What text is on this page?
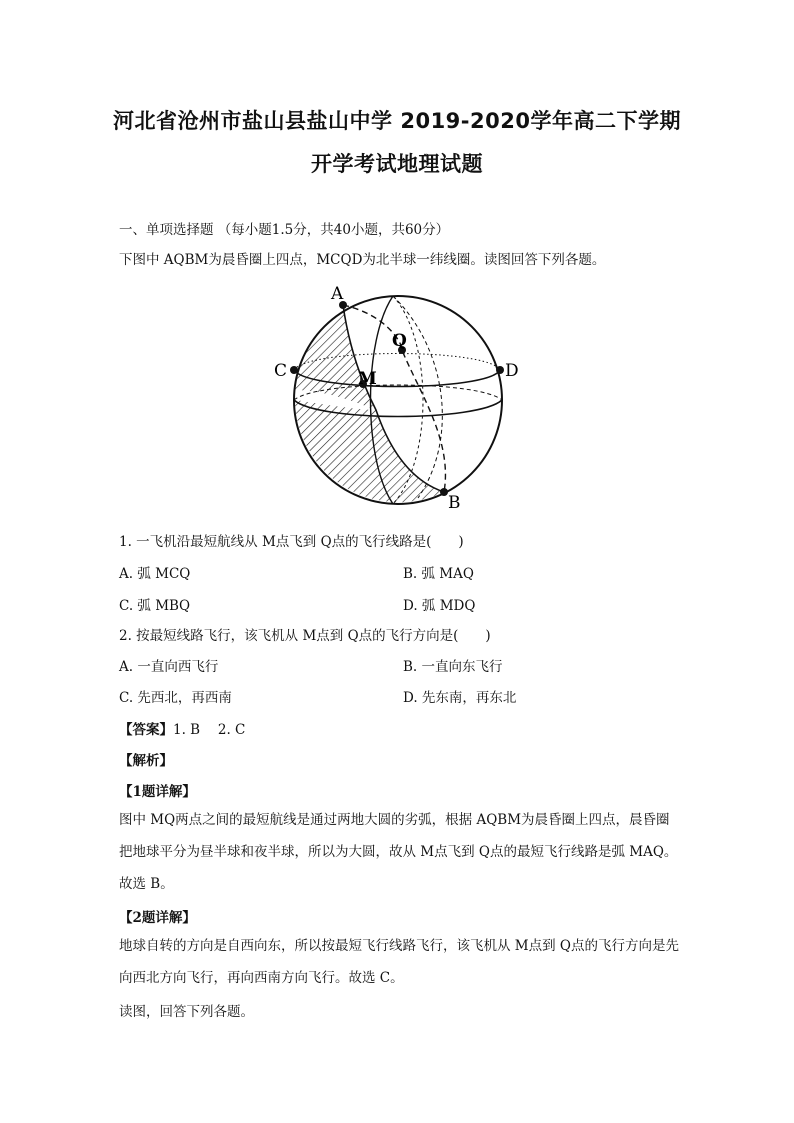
河北省沧州市盐山县盐山中学 2019-2020学年高二下学期
开学考试地理试题
一、单项选择题 （每小题1.5分，共40小题，共60分）
下图中 AQBM为晨昏圈上四点，MCQD为北半球一纬线圈。读图回答下列各题。
A
Q
C	D
M
B
1. 一飞机沿最短航线从 M点飞到 Q点的飞行线路是(　　)
A. 弧 MCQ	B. 弧 MAQ
C. 弧 MBQ	D. 弧 MDQ
2. 按最短线路飞行，该飞机从 M点到 Q点的飞行方向是(　　)
A. 一直向西飞行	B. 一直向东飞行
C. 先西北，再西南	D. 先东南，再东北
【答案】1. B　 2. C
【解析】
【1题详解】
图中 MQ两点之间的最短航线是通过两地大圆的劣弧，根据 AQBM为晨昏圈上四点，晨昏圈把地球平分为昼半球和夜半球，所以为大圆，故从 M点飞到 Q点的最短飞行线路是弧 MAQ。故选 B。
【2题详解】
地球自转的方向是自西向东，所以按最短飞行线路飞行，该飞机从 M点到 Q点的飞行方向是先向西北方向飞行，再向西南方向飞行。故选 C。
读图，回答下列各题。
